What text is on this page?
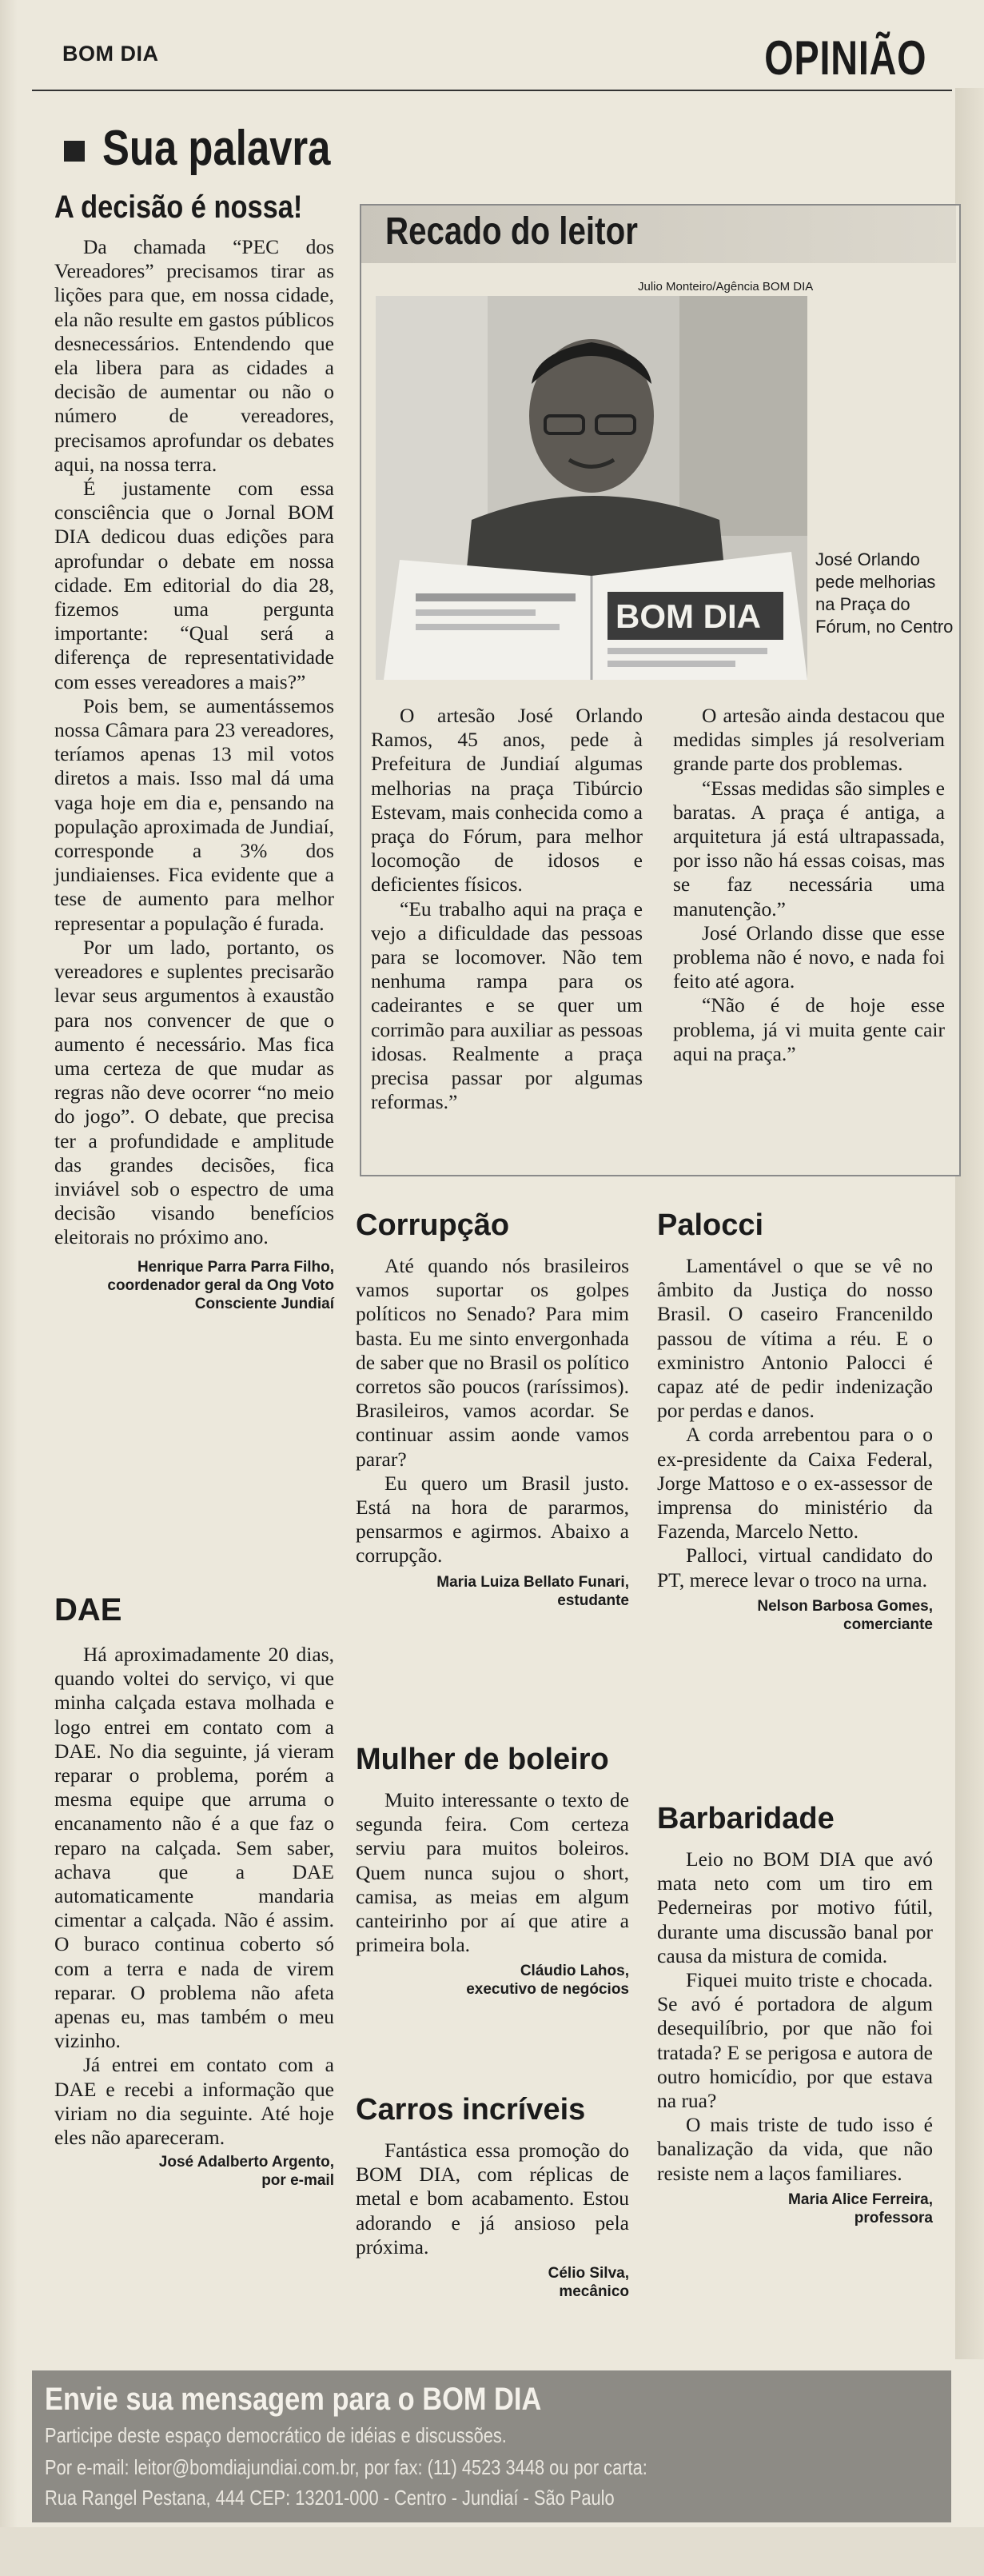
BOM DIA	OPINIÃO
Sua palavra
A decisão é nossa!

Da chamada “PEC dos Vereadores” precisamos tirar as lições para que, em nossa cidade, ela não resulte em gastos públicos desnecessários. Entendendo que ela libera para as cidades a decisão de aumentar ou não o número de vereadores, precisamos aprofundar os debates aqui, na nossa terra.

É justamente com essa consciência que o Jornal BOM DIA dedicou duas edições para aprofundar o debate em nossa cidade. Em editorial do dia 28, fizemos uma pergunta importante: “Qual será a diferença de representatividade com esses vereadores a mais?”

Pois bem, se aumentássemos nossa Câmara para 23 vereadores, teríamos apenas 13 mil votos diretos a mais. Isso mal dá uma vaga hoje em dia e, pensando na população aproximada de Jundiaí, corresponde a 3% dos jundiaienses. Fica evidente que a tese de aumento para melhor representar a população é furada.

Por um lado, portanto, os vereadores e suplentes precisarão levar seus argumentos à exaustão para nos convencer de que o aumento é necessário. Mas fica uma certeza de que mudar as regras não deve ocorrer “no meio do jogo”. O debate, que precisa ter a profundidade e amplitude das grandes decisões, fica inviável sob o espectro de uma decisão visando benefícios eleitorais no próximo ano.

Henrique Parra Parra Filho,
coordenador geral da Ong Voto
Consciente Jundiaí
DAE

Há aproximadamente 20 dias, quando voltei do serviço, vi que minha calçada estava molhada e logo entrei em contato com a DAE. No dia seguinte, já vieram reparar o problema, porém a mesma equipe que arruma o encanamento não é a que faz o reparo na calçada. Sem saber, achava que a DAE automaticamente mandaria cimentar a calçada. Não é assim. O buraco continua coberto só com a terra e nada de virem reparar. O problema não afeta apenas eu, mas também o meu vizinho.

Já entrei em contato com a DAE e recebi a informação que viriam no dia seguinte. Até hoje eles não apareceram.

José Adalberto Argento,
por e-mail
Recado do leitor
Julio Monteiro/Agência BOM DIA
BOM DIA
José Orlando pede melhorias na Praça do Fórum, no Centro

O artesão José Orlando Ramos, 45 anos, pede à Prefeitura de Jundiaí algumas melhorias na praça Tibúrcio Estevam, mais conhecida como a praça do Fórum, para melhor locomoção de idosos e deficientes físicos.

“Eu trabalho aqui na praça e vejo a dificuldade das pessoas para se locomover. Não tem nenhuma rampa para os cadeirantes e se quer um corrimão para auxiliar as pessoas idosas. Realmente a praça precisa passar por algumas reformas.”

O artesão ainda destacou que medidas simples já resolveriam grande parte dos problemas.

“Essas medidas são simples e baratas. A praça é antiga, a arquitetura já está ultrapassada, por isso não há essas coisas, mas se faz necessária uma manutenção.”

José Orlando disse que esse problema não é novo, e nada foi feito até agora.

“Não é de hoje esse problema, já vi muita gente cair aqui na praça.”

Corrupção

Até quando nós brasileiros vamos suportar os golpes políticos no Senado? Para mim basta. Eu me sinto envergonhada de saber que no Brasil os político corretos são poucos (raríssimos). Brasileiros, vamos acordar. Se continuar assim aonde vamos parar?

Eu quero um Brasil justo. Está na hora de pararmos, pensarmos e agirmos. Abaixo a corrupção.

Maria Luiza Bellato Funari,
estudante
Mulher de boleiro

Muito interessante o texto de segunda feira. Com certeza serviu para muitos boleiros. Quem nunca sujou o short, camisa, as meias em algum canteirinho por aí que atire a primeira bola.

Cláudio Lahos,
executivo de negócios
Carros incríveis

Fantástica essa promoção do BOM DIA, com réplicas de metal e bom acabamento. Estou adorando e já ansioso pela próxima.

Célio Silva,
mecânico
Palocci

Lamentável o que se vê no âmbito da Justiça do nosso Brasil. O caseiro Francenildo passou de vítima a réu. E o exministro Antonio Palocci é capaz até de pedir indenização por perdas e danos.

A corda arrebentou para o o ex-presidente da Caixa Federal, Jorge Mattoso e o ex-assessor de imprensa do ministério da Fazenda, Marcelo Netto.

Palloci, virtual candidato do PT, merece levar o troco na urna.

Nelson Barbosa Gomes,
comerciante
Barbaridade

Leio no BOM DIA que avó mata neto com um tiro em Pederneiras por motivo fútil, durante uma discussão banal por causa da mistura de comida.

Fiquei muito triste e chocada. Se avó é portadora de algum desequilíbrio, por que não foi tratada? E se perigosa e autora de outro homicídio, por que estava na rua?

O mais triste de tudo isso é banalização da vida, que não resiste nem a laços familiares.

Maria Alice Ferreira,
professora
Envie sua mensagem para o BOM DIA
Participe deste espaço democrático de idéias e discussões.
Por e-mail: leitor@bomdiajundiai.com.br, por fax: (11) 4523 3448 ou por carta:
Rua Rangel Pestana, 444 CEP: 13201-000 - Centro - Jundiaí - São Paulo
